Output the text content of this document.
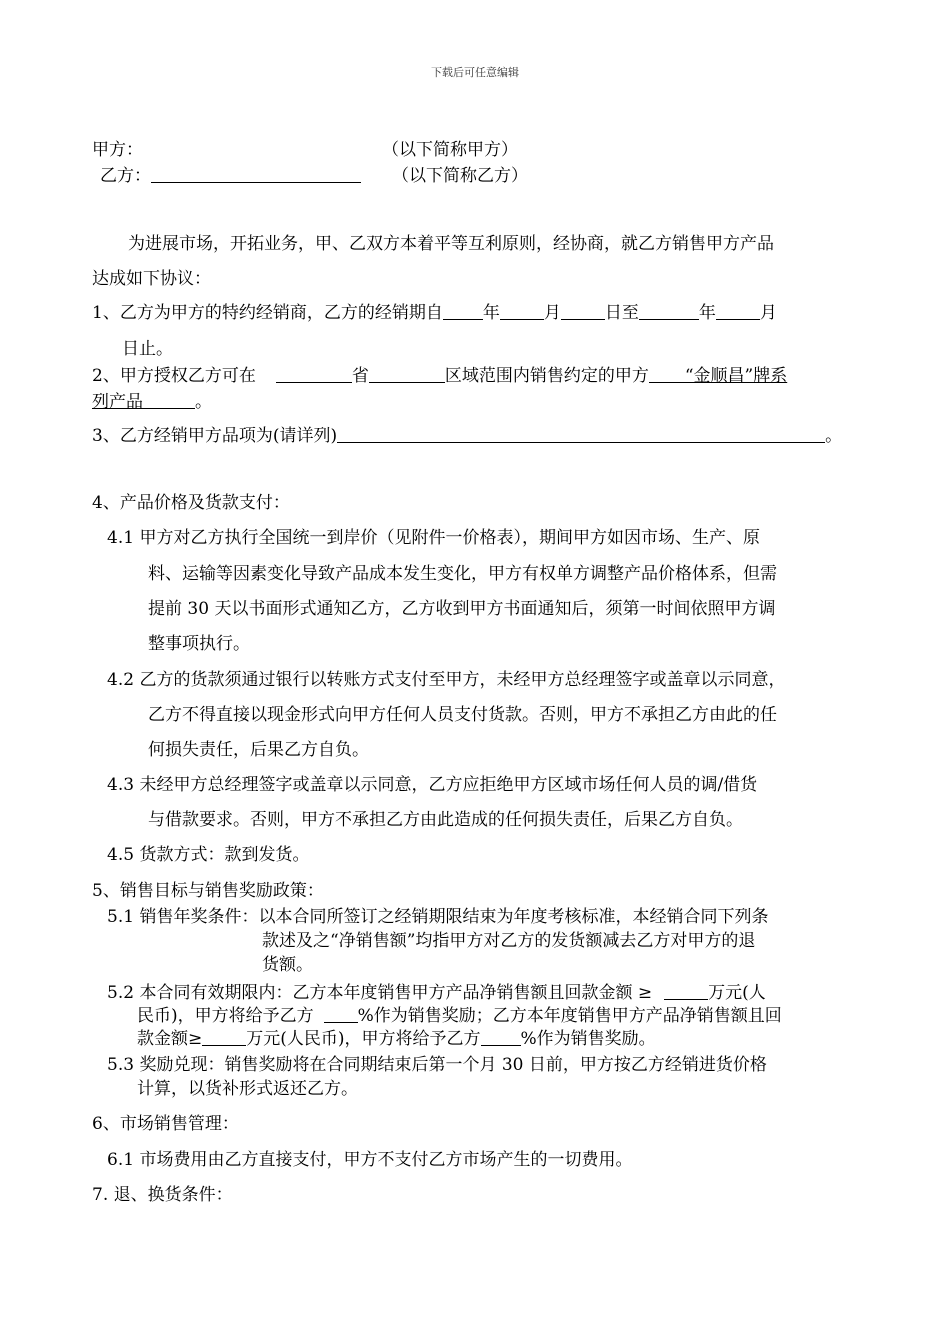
下载后可任意编辑
甲方：	（以下简称甲方）
乙方：	（以下简称乙方）
为进展市场，开拓业务，甲、乙双方本着平等互利原则，经协商，就乙方销售甲方产品
达成如下协议：
1、乙方为甲方的特约经销商，乙方的经销期自 年	月	日至	年	月
日止。
2、甲方授权乙方可在	省	区域范围内销售约定的甲方 “金顺昌”牌系
列产品	。
3、乙方经销甲方品项为(请详列)	。
4、产品价格及货款支付：
4.1 甲方对乙方执行全国统一到岸价（见附件一价格表），期间甲方如因市场、生产、原
料、运输等因素变化导致产品成本发生变化，甲方有权单方调整产品价格体系，但需
提前 30 天以书面形式通知乙方，乙方收到甲方书面通知后，须第一时间依照甲方调
整事项执行。
4.2 乙方的货款须通过银行以转账方式支付至甲方，未经甲方总经理签字或盖章以示同意，
乙方不得直接以现金形式向甲方任何人员支付货款。否则，甲方不承担乙方由此的任
何损失责任，后果乙方自负。
4.3 未经甲方总经理签字或盖章以示同意，乙方应拒绝甲方区域市场任何人员的调/借货
与借款要求。否则，甲方不承担乙方由此造成的任何损失责任，后果乙方自负。
4.5 货款方式：款到发货。
5、销售目标与销售奖励政策：
5.1 销售年奖条件：以本合同所签订之经销期限结束为年度考核标准，本经销合同下列条
款述及之“净销售额”均指甲方对乙方的发货额减去乙方对甲方的退
货额。
5.2 本合同有效期限内：乙方本年度销售甲方产品净销售额且回款金额 ≥	万元(人
民币)，甲方将给予乙方	%作为销售奖励；乙方本年度销售甲方产品净销售额且回
款金额≥	万元(人民币)，甲方将给予乙方 %作为销售奖励。
5.3 奖励兑现：销售奖励将在合同期结束后第一个月 30 日前，甲方按乙方经销进货价格
计算，以货补形式返还乙方。
6、市场销售管理：
6.1 市场费用由乙方直接支付，甲方不支付乙方市场产生的一切费用。
7. 退、换货条件：
